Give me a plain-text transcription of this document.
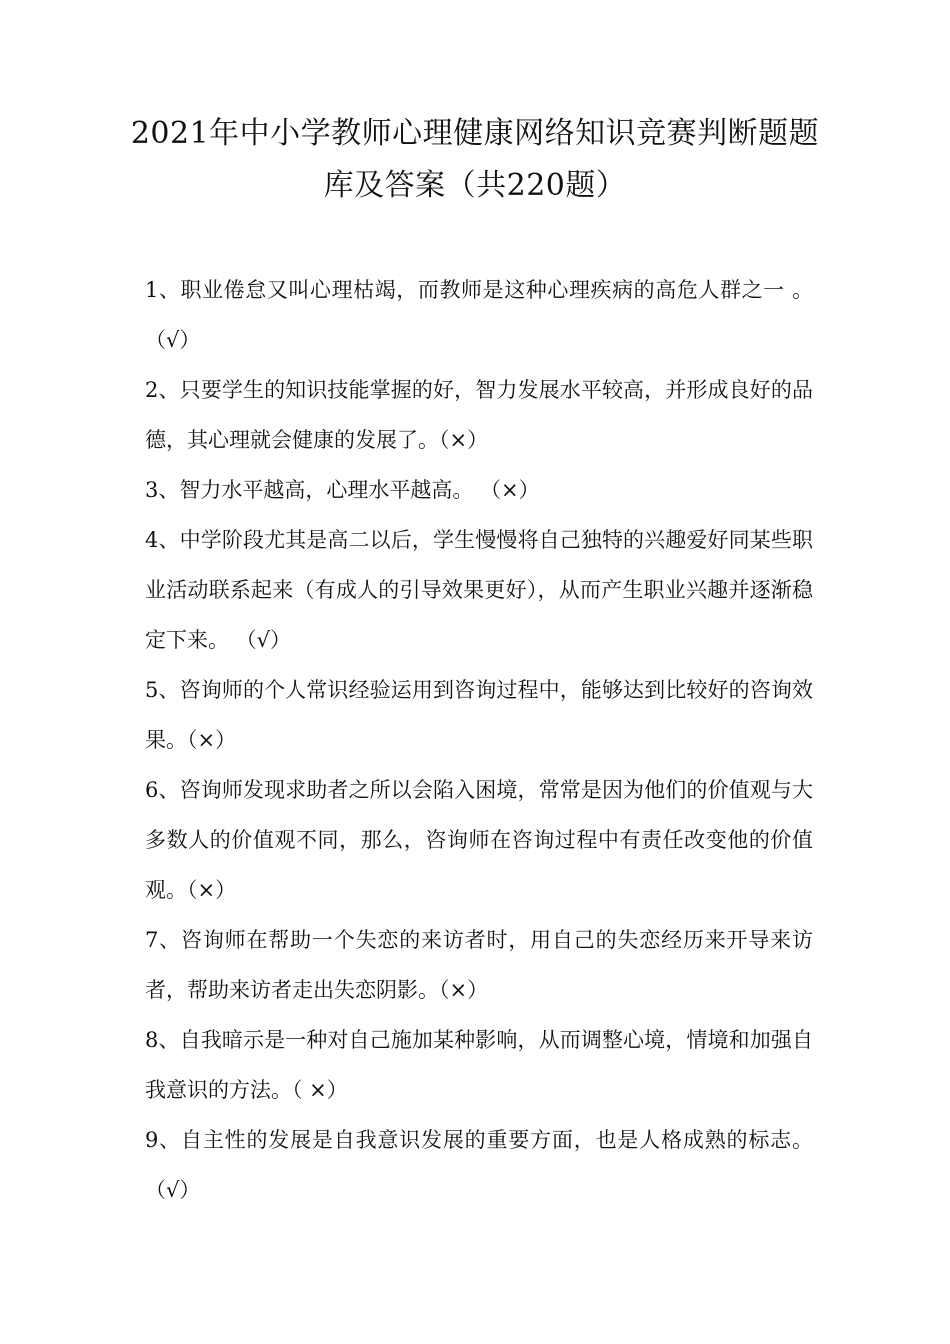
2021年中小学教师心理健康网络知识竞赛判断题题
库及答案（共220题）
1、职业倦怠又叫心理枯竭，而教师是这种心理疾病的高危人群之一 。（√）
2、只要学生的知识技能掌握的好，智力发展水平较高，并形成良好的品德，其心理就会健康的发展了。（×）
3、智力水平越高，心理水平越高。 （×）
4、中学阶段尤其是高二以后，学生慢慢将自己独特的兴趣爱好同某些职业活动联系起来（有成人的引导效果更好），从而产生职业兴趣并逐渐稳定下来。 （√）
5、咨询师的个人常识经验运用到咨询过程中，能够达到比较好的咨询效果。（×）
6、咨询师发现求助者之所以会陷入困境，常常是因为他们的价值观与大多数人的价值观不同，那么，咨询师在咨询过程中有责任改变他的价值观。（×）
7、咨询师在帮助一个失恋的来访者时，用自己的失恋经历来开导来访者，帮助来访者走出失恋阴影。（×）
8、自我暗示是一种对自己施加某种影响，从而调整心境，情境和加强自我意识的方法。（ ×）
9、自主性的发展是自我意识发展的重要方面，也是人格成熟的标志。（√）
